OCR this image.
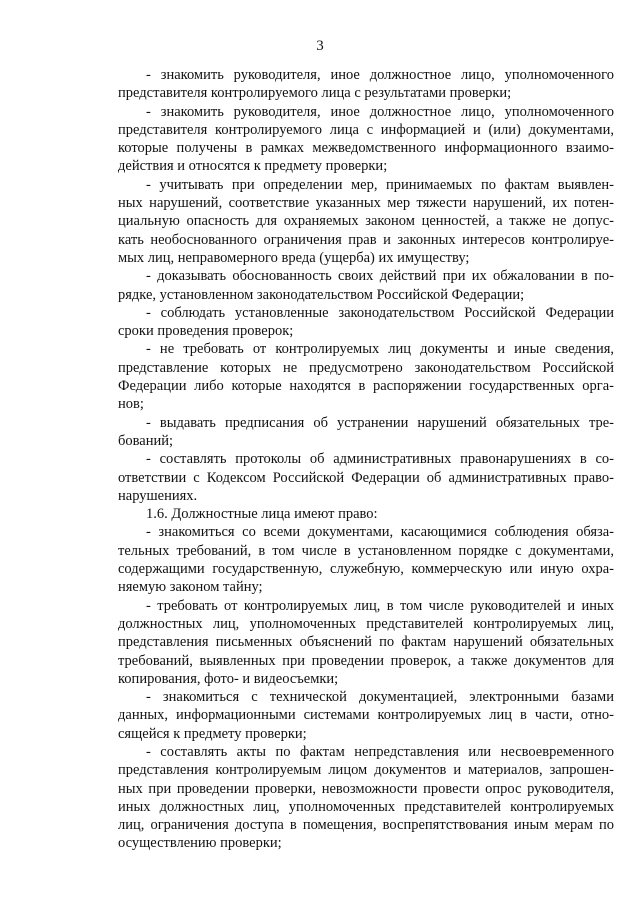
3
- знакомить руководителя, иное должностное лицо, уполномоченного
представителя контролируемого лица с результатами проверки;
- знакомить руководителя, иное должностное лицо, уполномоченного
представителя контролируемого лица с информацией и (или) документами,
которые получены в рамках межведомственного информационного взаимо-
действия и относятся к предмету проверки;
- учитывать при определении мер, принимаемых по фактам выявлен-
ных нарушений, соответствие указанных мер тяжести нарушений, их потен-
циальную опасность для охраняемых законом ценностей, а также не допус-
кать необоснованного ограничения прав и законных интересов контролируе-
мых лиц, неправомерного вреда (ущерба) их имуществу;
- доказывать обоснованность своих действий при их обжаловании в по-
рядке, установленном законодательством Российской Федерации;
- соблюдать установленные законодательством Российской Федерации
сроки проведения проверок;
- не требовать от контролируемых лиц документы и иные сведения,
представление которых не предусмотрено законодательством Российской
Федерации либо которые находятся в распоряжении государственных орга-
нов;
- выдавать предписания об устранении нарушений обязательных тре-
бований;
- составлять протоколы об административных правонарушениях в со-
ответствии с Кодексом Российской Федерации об административных право-
нарушениях.
1.6. Должностные лица имеют право:
- знакомиться со всеми документами, касающимися соблюдения обяза-
тельных требований, в том числе в установленном порядке с документами,
содержащими государственную, служебную, коммерческую или иную охра-
няемую законом тайну;
- требовать от контролируемых лиц, в том числе руководителей и иных
должностных лиц, уполномоченных представителей контролируемых лиц,
представления письменных объяснений по фактам нарушений обязательных
требований, выявленных при проведении проверок, а также документов для
копирования, фото- и видеосъемки;
- знакомиться с технической документацией, электронными базами
данных, информационными системами контролируемых лиц в части, отно-
сящейся к предмету проверки;
- составлять акты по фактам непредставления или несвоевременного
представления контролируемым лицом документов и материалов, запрошен-
ных при проведении проверки, невозможности провести опрос руководителя,
иных должностных лиц, уполномоченных представителей контролируемых
лиц, ограничения доступа в помещения, воспрепятствования иным мерам по
осуществлению проверки;
